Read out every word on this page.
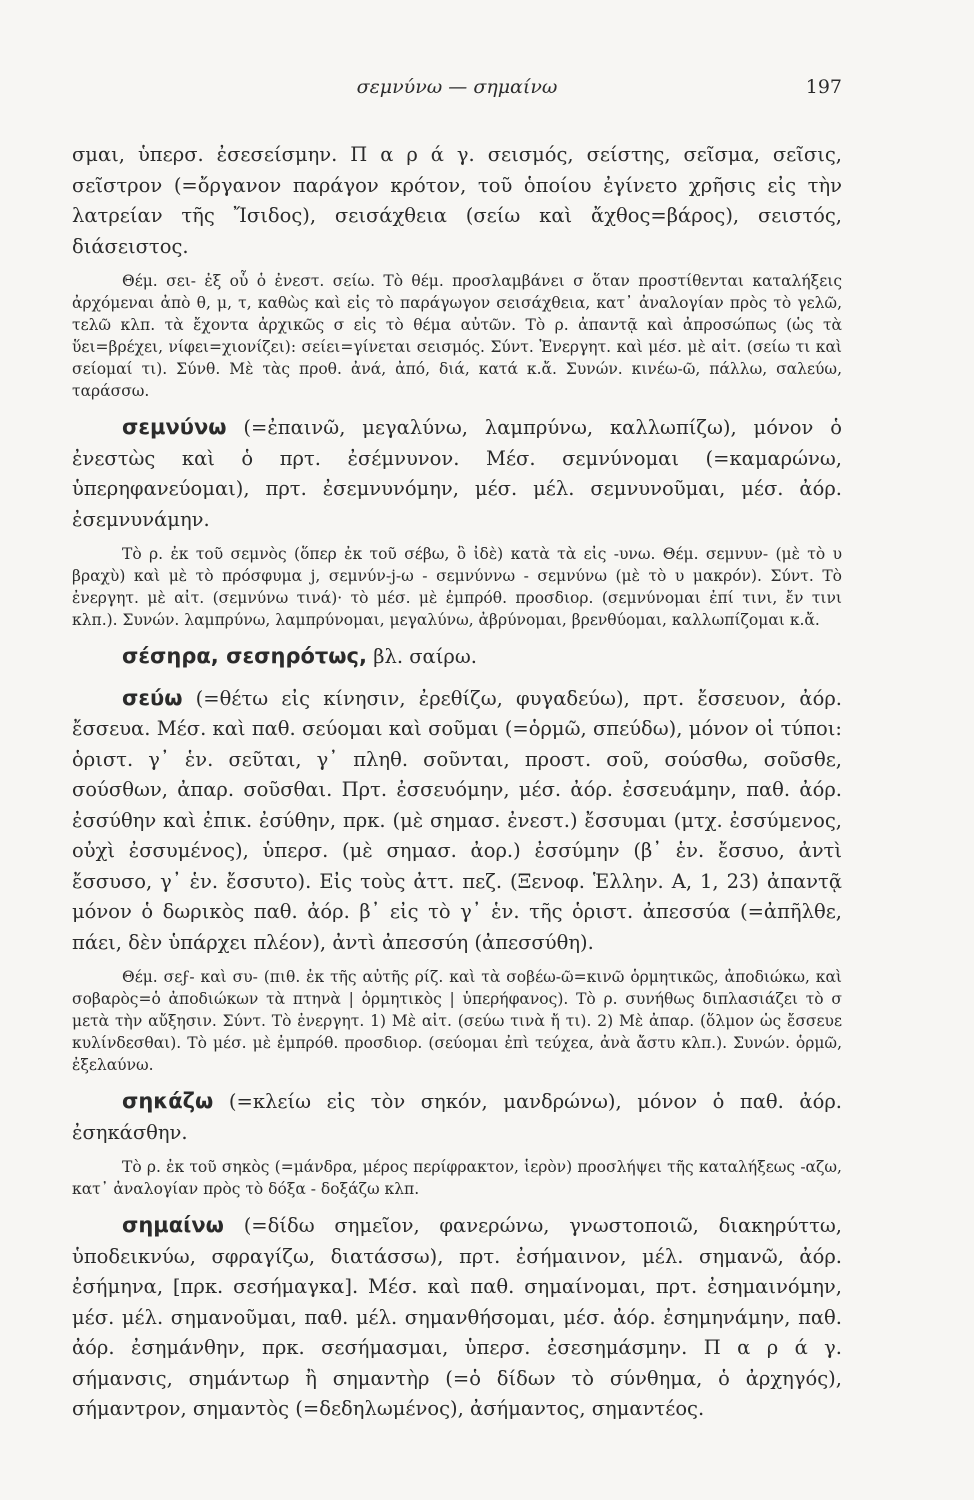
σεμνύνω — σημαίνω	197

σμαι, ὑπερσ. ἐσεσείσμην. Π α ρ ά γ. σεισμός, σείστης, σεῖσμα, σεῖσις, σεῖστρον (=ὄργανον παράγον κρότον, τοῦ ὁποίου ἐγίνετο χρῆσις εἰς τὴν λατρείαν τῆς Ἴσιδος), σεισάχθεια (σείω καὶ ἄχθος=βάρος), σειστός, διάσειστος.

Θέμ. σει- ἐξ οὗ ὁ ἐνεστ. σείω. Τὸ θέμ. προσλαμβάνει σ ὅταν προστίθενται καταλήξεις ἀρχόμεναι ἀπὸ θ, μ, τ, καθὼς καὶ εἰς τὸ παράγωγον σεισάχθεια, κατ᾿ ἀναλογίαν πρὸς τὸ γελῶ, τελῶ κλπ. τὰ ἔχοντα ἀρχικῶς σ εἰς τὸ θέμα αὐτῶν. Τὸ ρ. ἀπαντᾷ καὶ ἀπροσώπως (ὡς τὰ ὕει=βρέχει, νίφει=χιονίζει): σείει=γίνεται σεισμός. Σύντ. Ἐνεργητ. καὶ μέσ. μὲ αἰτ. (σείω τι καὶ σείομαί τι). Σύνθ. Μὲ τὰς προθ. ἀνά, ἀπό, διά, κατά κ.ἄ. Συνών. κινέω-ῶ, πάλλω, σαλεύω, ταράσσω.

σεμνύνω (=ἐπαινῶ, μεγαλύνω, λαμπρύνω, καλλωπίζω), μόνον ὁ ἐνεστὼς καὶ ὁ πρτ. ἐσέμνυνον. Μέσ. σεμνύνομαι (=καμαρώνω, ὑπερηφανεύομαι), πρτ. ἐσεμνυνόμην, μέσ. μέλ. σεμνυνοῦμαι, μέσ. ἀόρ. ἐσεμνυνάμην.

Τὸ ρ. ἐκ τοῦ σεμνὸς (ὅπερ ἐκ τοῦ σέβω, ὃ ἰδὲ) κατὰ τὰ εἰς -υνω. Θέμ. σεμνυν- (μὲ τὸ υ βραχὺ) καὶ μὲ τὸ πρόσφυμα j, σεμνύν-j-ω - σεμνύννω - σεμνύνω (μὲ τὸ υ μακρόν). Σύντ. Τὸ ἐνεργητ. μὲ αἰτ. (σεμνύνω τινά)· τὸ μέσ. μὲ ἐμπρόθ. προσδιορ. (σεμνύνομαι ἐπί τινι, ἔν τινι κλπ.). Συνών. λαμπρύνω, λαμπρύνομαι, μεγαλύνω, ἀβρύνομαι, βρενθύομαι, καλλωπίζομαι κ.ἄ.

σέσηρα, σεσηρότως, βλ. σαίρω.

σεύω (=θέτω εἰς κίνησιν, ἐρεθίζω, φυγαδεύω), πρτ. ἔσσευον, ἀόρ. ἔσσευα. Μέσ. καὶ παθ. σεύομαι καὶ σοῦμαι (=ὁρμῶ, σπεύδω), μόνον οἱ τύποι: ὁριστ. γ᾿ ἑν. σεῦται, γ᾿ πληθ. σοῦνται, προστ. σοῦ, σούσθω, σοῦσθε, σούσθων, ἀπαρ. σοῦσθαι. Πρτ. ἐσσευόμην, μέσ. ἀόρ. ἐσσευάμην, παθ. ἀόρ. ἐσσύθην καὶ ἐπικ. ἐσύθην, πρκ. (μὲ σημασ. ἐνεστ.) ἔσσυμαι (μτχ. ἐσσύμενος, οὐχὶ ἐσσυμένος), ὑπερσ. (μὲ σημασ. ἀορ.) ἐσσύμην (β᾿ ἑν. ἔσσυο, ἀντὶ ἔσσυσο, γ᾿ ἑν. ἔσσυτο). Εἰς τοὺς ἀττ. πεζ. (Ξενοφ. Ἑλλην. Α, 1, 23) ἀπαντᾷ μόνον ὁ δωρικὸς παθ. ἀόρ. β᾿ εἰς τὸ γ᾿ ἑν. τῆς ὁριστ. ἀπεσσύα (=ἀπῆλθε, πάει, δὲν ὑπάρχει πλέον), ἀντὶ ἀπεσσύη (ἀπεσσύθη).

Θέμ. σεϝ- καὶ συ- (πιθ. ἐκ τῆς αὐτῆς ρίζ. καὶ τὰ σοβέω-ῶ=κινῶ ὁρμητικῶς, ἀποδιώκω, καὶ σοβαρὸς=ὁ ἀποδιώκων τὰ πτηνὰ | ὁρμητικὸς | ὑπερήφανος). Τὸ ρ. συνήθως διπλασιάζει τὸ σ μετὰ τὴν αὔξησιν. Σύντ. Τὸ ἐνεργητ. 1) Μὲ αἰτ. (σεύω τινὰ ἤ τι). 2) Μὲ ἀπαρ. (ὅλμον ὡς ἔσσευε κυλίνδεσθαι). Τὸ μέσ. μὲ ἐμπρόθ. προσδιορ. (σεύομαι ἐπὶ τεύχεα, ἀνὰ ἄστυ κλπ.). Συνών. ὁρμῶ, ἐξελαύνω.

σηκάζω (=κλείω εἰς τὸν σηκόν, μανδρώνω), μόνον ὁ παθ. ἀόρ. ἐσηκάσθην.

Τὸ ρ. ἐκ τοῦ σηκὸς (=μάνδρα, μέρος περίφρακτον, ἱερὸν) προσλήψει τῆς καταλήξεως -αζω, κατ᾿ ἀναλογίαν πρὸς τὸ δόξα - δοξάζω κλπ.

σημαίνω (=δίδω σημεῖον, φανερώνω, γνωστοποιῶ, διακηρύττω, ὑποδεικνύω, σφραγίζω, διατάσσω), πρτ. ἐσήμαινον, μέλ. σημανῶ, ἀόρ. ἐσήμηνα, [πρκ. σεσήμαγκα]. Μέσ. καὶ παθ. σημαίνομαι, πρτ. ἐσημαινόμην, μέσ. μέλ. σημανοῦμαι, παθ. μέλ. σημανθήσομαι, μέσ. ἀόρ. ἐσημηνάμην, παθ. ἀόρ. ἐσημάνθην, πρκ. σεσήμασμαι, ὑπερσ. ἐσεσημάσμην. Π α ρ ά γ. σήμανσις, σημάντωρ ἢ σημαντὴρ (=ὁ δίδων τὸ σύνθημα, ὁ ἀρχηγός), σήμαντρον, σημαντὸς (=δεδηλωμένος), ἀσήμαντος, σημαντέος.
